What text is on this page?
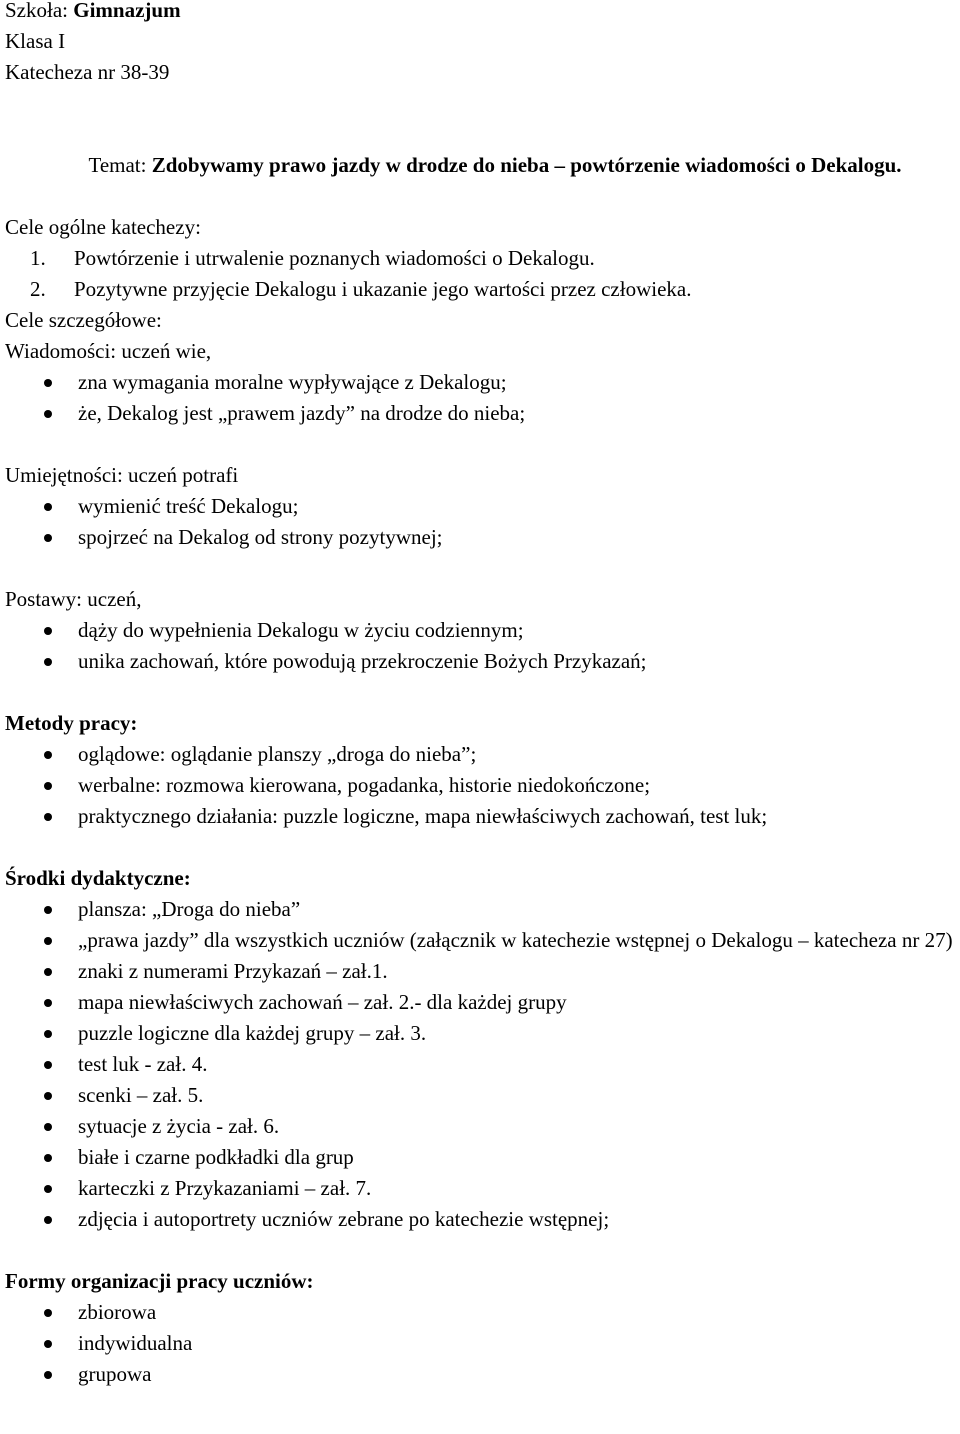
Szkoła: Gimnazjum
Klasa I
Katecheza nr 38-39
Temat: Zdobywamy prawo jazdy w drodze do nieba – powtórzenie wiadomości o Dekalogu.
Cele ogólne katechezy:
1. Powtórzenie i utrwalenie poznanych wiadomości o Dekalogu.
2. Pozytywne przyjęcie Dekalogu i ukazanie jego wartości przez człowieka.
Cele szczegółowe:
Wiadomości: uczeń wie,
zna wymagania moralne wypływające z Dekalogu;
że, Dekalog jest „prawem jazdy” na drodze do nieba;
Umiejętności: uczeń potrafi
wymienić treść Dekalogu;
spojrzeć na Dekalog od strony pozytywnej;
Postawy: uczeń,
dąży do wypełnienia Dekalogu w życiu codziennym;
unika zachowań, które powodują przekroczenie Bożych Przykazań;
Metody pracy:
oglądowe: oglądanie planszy „droga do nieba”;
werbalne: rozmowa kierowana, pogadanka, historie niedokończone;
praktycznego działania: puzzle logiczne, mapa niewłaściwych zachowań, test luk;
Środki dydaktyczne:
plansza: „Droga do nieba”
„prawa jazdy” dla wszystkich uczniów (załącznik w katechezie wstępnej o Dekalogu – katecheza nr 27)
znaki z numerami Przykazań – zał.1.
mapa niewłaściwych zachowań – zał. 2.- dla każdej grupy
puzzle logiczne dla każdej grupy – zał. 3.
test luk - zał. 4.
scenki – zał. 5.
sytuacje z życia - zał. 6.
białe i czarne podkładki dla grup
karteczki z Przykazaniami – zał. 7.
zdjęcia i autoportrety uczniów zebrane po katechezie wstępnej;
Formy organizacji pracy uczniów:
zbiorowa
indywidualna
grupowa
